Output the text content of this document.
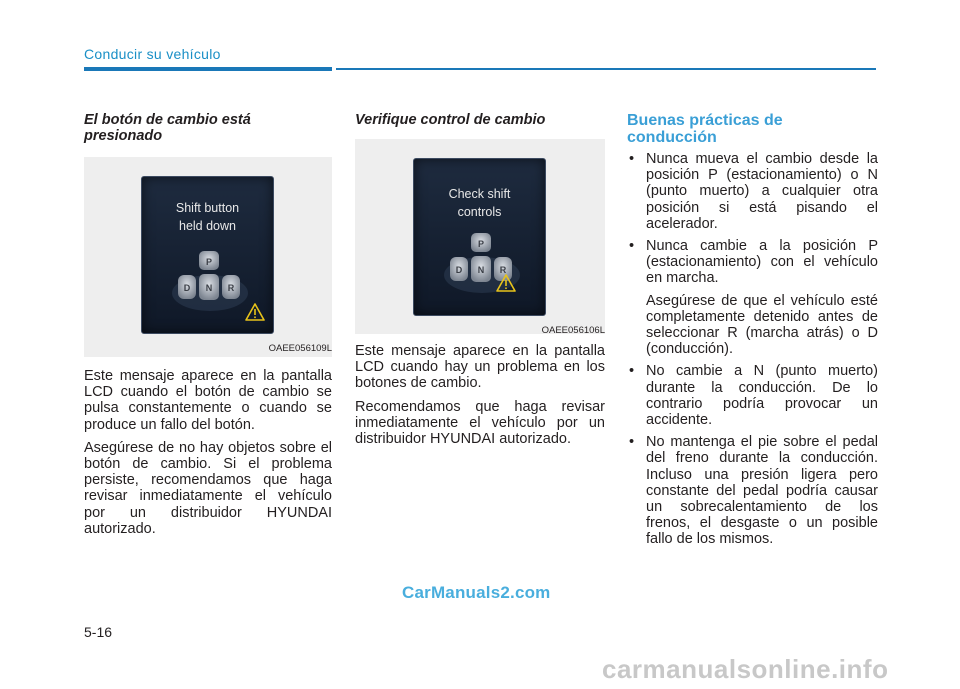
Conducir su vehículo
El botón de cambio está presionado
Shift button
held down
P
D N R
OAEE056109L

Este mensaje aparece en la pantalla LCD cuando el botón de cambio se pulsa constantemente o cuando se produce un fallo del botón.

Asegúrese de no hay objetos sobre el botón de cambio. Si el problema persiste, recomendamos que haga revisar inmediatamente el vehículo por un distribuidor HYUNDAI autorizado.

Verifique control de cambio
Check shift
controls
P
D N R
OAEE056106L

Este mensaje aparece en la pantalla LCD cuando hay un problema en los botones de cambio.

Recomendamos que haga revisar inmediatamente el vehículo por un distribuidor HYUNDAI autorizado.

Buenas prácticas de conducción
• Nunca mueva el cambio desde la posición P (estacionamiento) o N (punto muerto) a cualquier otra posición si está pisando el acelerador.

• Nunca cambie a la posición P (estacionamiento) con el vehículo en marcha.

Asegúrese de que el vehículo esté completamente detenido antes de seleccionar R (marcha atrás) o D (conducción).

• No cambie a N (punto muerto) durante la conducción. De lo contrario podría provocar un accidente.

• No mantenga el pie sobre el pedal del freno durante la conducción. Incluso una presión ligera pero constante del pedal podría causar un sobrecalentamiento de los frenos, el desgaste o un posible fallo de los mismos.

CarManuals2.com
5-16
carmanualsonline.info
